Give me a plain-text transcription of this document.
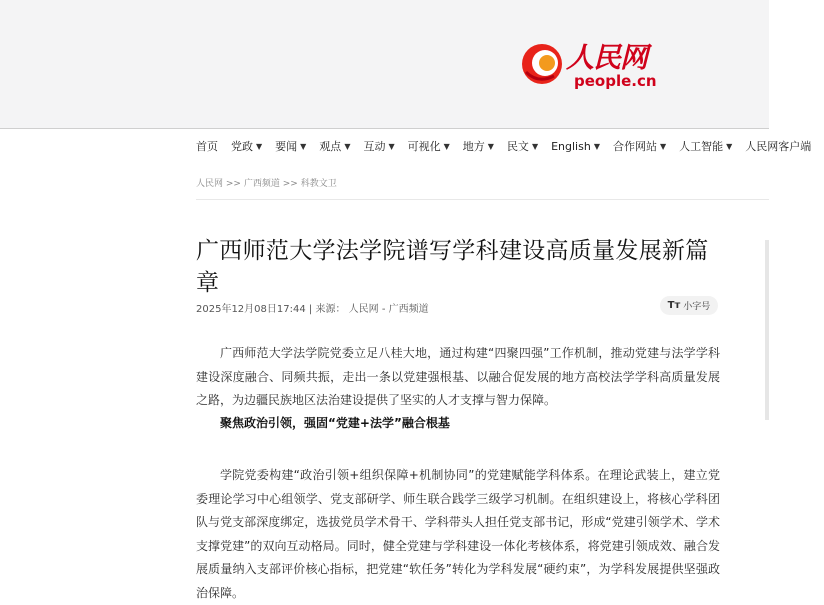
人民网
people.cn
首页 党政 ▼ 要闻 ▼ 观点 ▼ 互动 ▼ 可视化 ▼ 地方 ▼ 民文 ▼ English ▼ 合作网站 ▼ 人工智能 ▼ 人民网客户端
人民网 >> 广西频道 >> 科教文卫
广西师范大学法学院谱写学科建设高质量发展新篇章
2025年12月08日17:44 | 来源： 人民网 - 广西频道	Tт 小字号

广西师范大学法学院党委立足八桂大地，通过构建“四聚四强”工作机制，推动党建与法学学科建设深度融合、同频共振，走出一条以党建强根基、以融合促发展的地方高校法学学科高质量发展之路，为边疆民族地区法治建设提供了坚实的人才支撑与智力保障。

聚焦政治引领，强固“党建+法学”融合根基

学院党委构建“政治引领+组织保障+机制协同”的党建赋能学科体系。在理论武装上，建立党委理论学习中心组领学、党支部研学、师生联合践学三级学习机制。在组织建设上，将核心学科团队与党支部深度绑定，选拔党员学术骨干、学科带头人担任党支部书记，形成“党建引领学术、学术支撑党建”的双向互动格局。同时，健全党建与学科建设一体化考核体系，将党建引领成效、融合发展质量纳入支部评价核心指标，把党建“软任务”转化为学科发展“硬约束”，为学科发展提供坚强政治保障。
